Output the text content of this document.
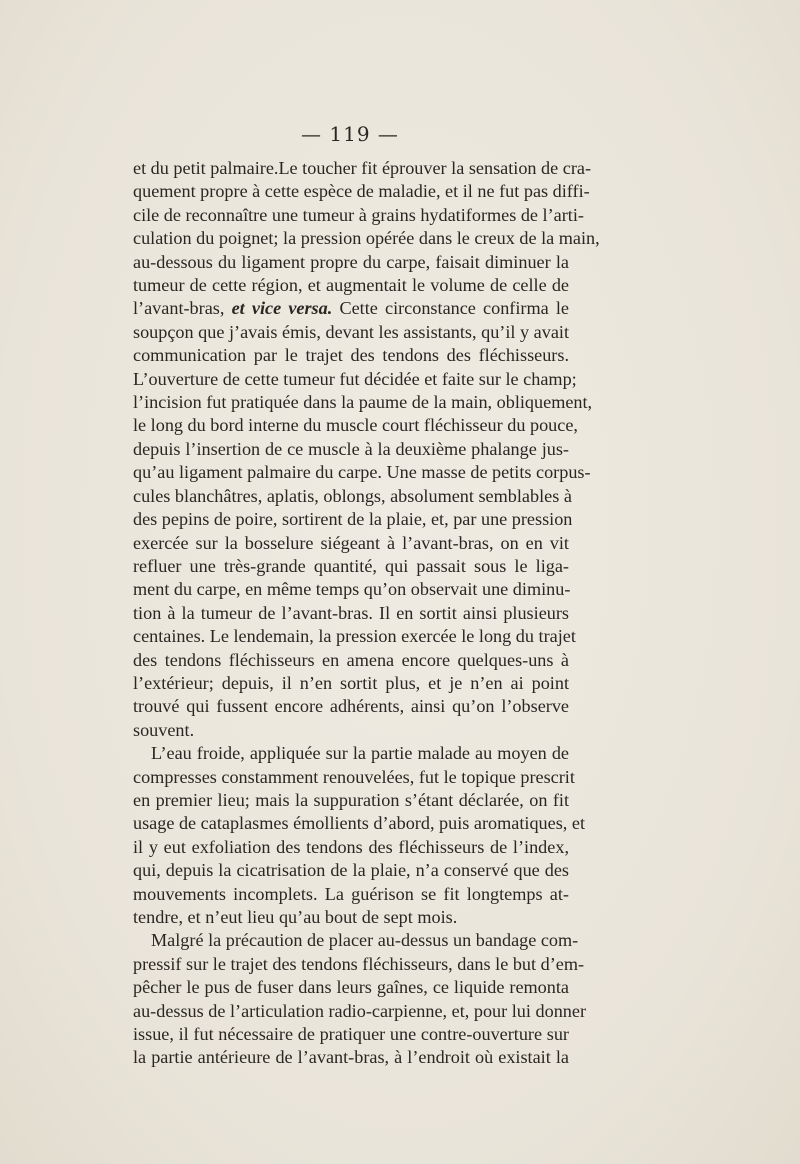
— 119 —
et du petit palmaire.Le toucher fit éprouver la sensation de cra-
quement propre à cette espèce de maladie, et il ne fut pas diffi-
cile de reconnaître une tumeur à grains hydatiformes de l’arti-
culation du poignet; la pression opérée dans le creux de la main,
au-dessous du ligament propre du carpe, faisait diminuer la
tumeur de cette région, et augmentait le volume de celle de
l’avant-bras, et vice versa. Cette circonstance confirma le
soupçon que j’avais émis, devant les assistants, qu’il y avait
communication par le trajet des tendons des fléchisseurs.
L’ouverture de cette tumeur fut décidée et faite sur le champ;
l’incision fut pratiquée dans la paume de la main, obliquement,
le long du bord interne du muscle court fléchisseur du pouce,
depuis l’insertion de ce muscle à la deuxième phalange jus-
qu’au ligament palmaire du carpe. Une masse de petits corpus-
cules blanchâtres, aplatis, oblongs, absolument semblables à
des pepins de poire, sortirent de la plaie, et, par une pression
exercée sur la bosselure siégeant à l’avant-bras, on en vit
refluer une très-grande quantité, qui passait sous le liga-
ment du carpe, en même temps qu’on observait une diminu-
tion à la tumeur de l’avant-bras. Il en sortit ainsi plusieurs
centaines. Le lendemain, la pression exercée le long du trajet
des tendons fléchisseurs en amena encore quelques-uns à
l’extérieur; depuis, il n’en sortit plus, et je n’en ai point
trouvé qui fussent encore adhérents, ainsi qu’on l’observe
souvent.
L’eau froide, appliquée sur la partie malade au moyen de
compresses constamment renouvelées, fut le topique prescrit
en premier lieu; mais la suppuration s’étant déclarée, on fit
usage de cataplasmes émollients d’abord, puis aromatiques, et
il y eut exfoliation des tendons des fléchisseurs de l’index,
qui, depuis la cicatrisation de la plaie, n’a conservé que des
mouvements incomplets. La guérison se fit longtemps at-
tendre, et n’eut lieu qu’au bout de sept mois.
Malgré la précaution de placer au-dessus un bandage com-
pressif sur le trajet des tendons fléchisseurs, dans le but d’em-
pêcher le pus de fuser dans leurs gaînes, ce liquide remonta
au-dessus de l’articulation radio-carpienne, et, pour lui donner
issue, il fut nécessaire de pratiquer une contre-ouverture sur
la partie antérieure de l’avant-bras, à l’endroit où existait la
